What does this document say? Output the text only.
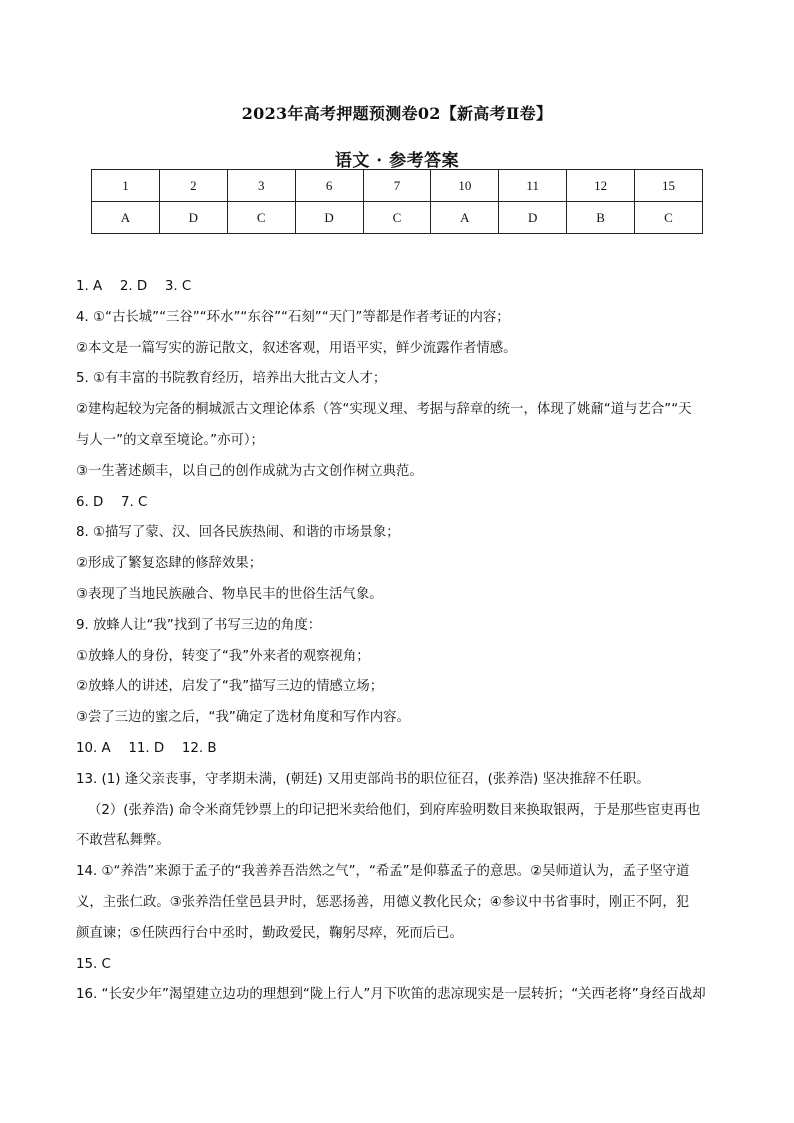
2023年高考押题预测卷02【新高考Ⅱ卷】
语文 · 参考答案
1	2	3	6	7	10	11	12	15
A	D	C	D	C	A	D	B	C
1. A　 2. D　 3. C
4. ①“古长城”“三谷”“环水”“东谷”“石刻”“天门”等都是作者考证的内容；
②本文是一篇写实的游记散文，叙述客观，用语平实，鲜少流露作者情感。
5. ①有丰富的书院教育经历，培养出大批古文人才；
②建构起较为完备的桐城派古文理论体系（答“实现义理、考据与辞章的统一，体现了姚鼐“道与艺合”“天
与人一”的文章至境论。”亦可）；
③一生著述颇丰，以自己的创作成就为古文创作树立典范。
6. D　 7. C
8. ①描写了蒙、汉、回各民族热闹、和谐的市场景象；
②形成了繁复恣肆的修辞效果；
③表现了当地民族融合、物阜民丰的世俗生活气象。
9. 放蜂人让“我”找到了书写三边的角度：
①放蜂人的身份，转变了“我”外来者的观察视角；
②放蜂人的讲述，启发了“我”描写三边的情感立场；
③尝了三边的蜜之后，“我”确定了选材角度和写作内容。
10. A　 11. D　 12. B
13. (1) 逢父亲丧事，守孝期未满，(朝廷) 又用吏部尚书的职位征召，(张养浩) 坚决推辞不任职。
（2）(张养浩) 命令米商凭钞票上的印记把米卖给他们，到府库验明数目来换取银两，于是那些宦吏再也
不敢营私舞弊。
14. ①“养浩”来源于孟子的“我善养吾浩然之气”，“希孟”是仰慕孟子的意思。②吴师道认为，孟子坚守道
义，主张仁政。③张养浩任堂邑县尹时，惩恶扬善，用德义教化民众；④参议中书省事时，刚正不阿，犯
颜直谏；⑤任陕西行台中丞时，勤政爱民，鞠躬尽瘁，死而后已。
15. C
16. “长安少年”渴望建立边功的理想到“陇上行人”月下吹笛的悲凉现实是一层转折；“关西老将”身经百战却
